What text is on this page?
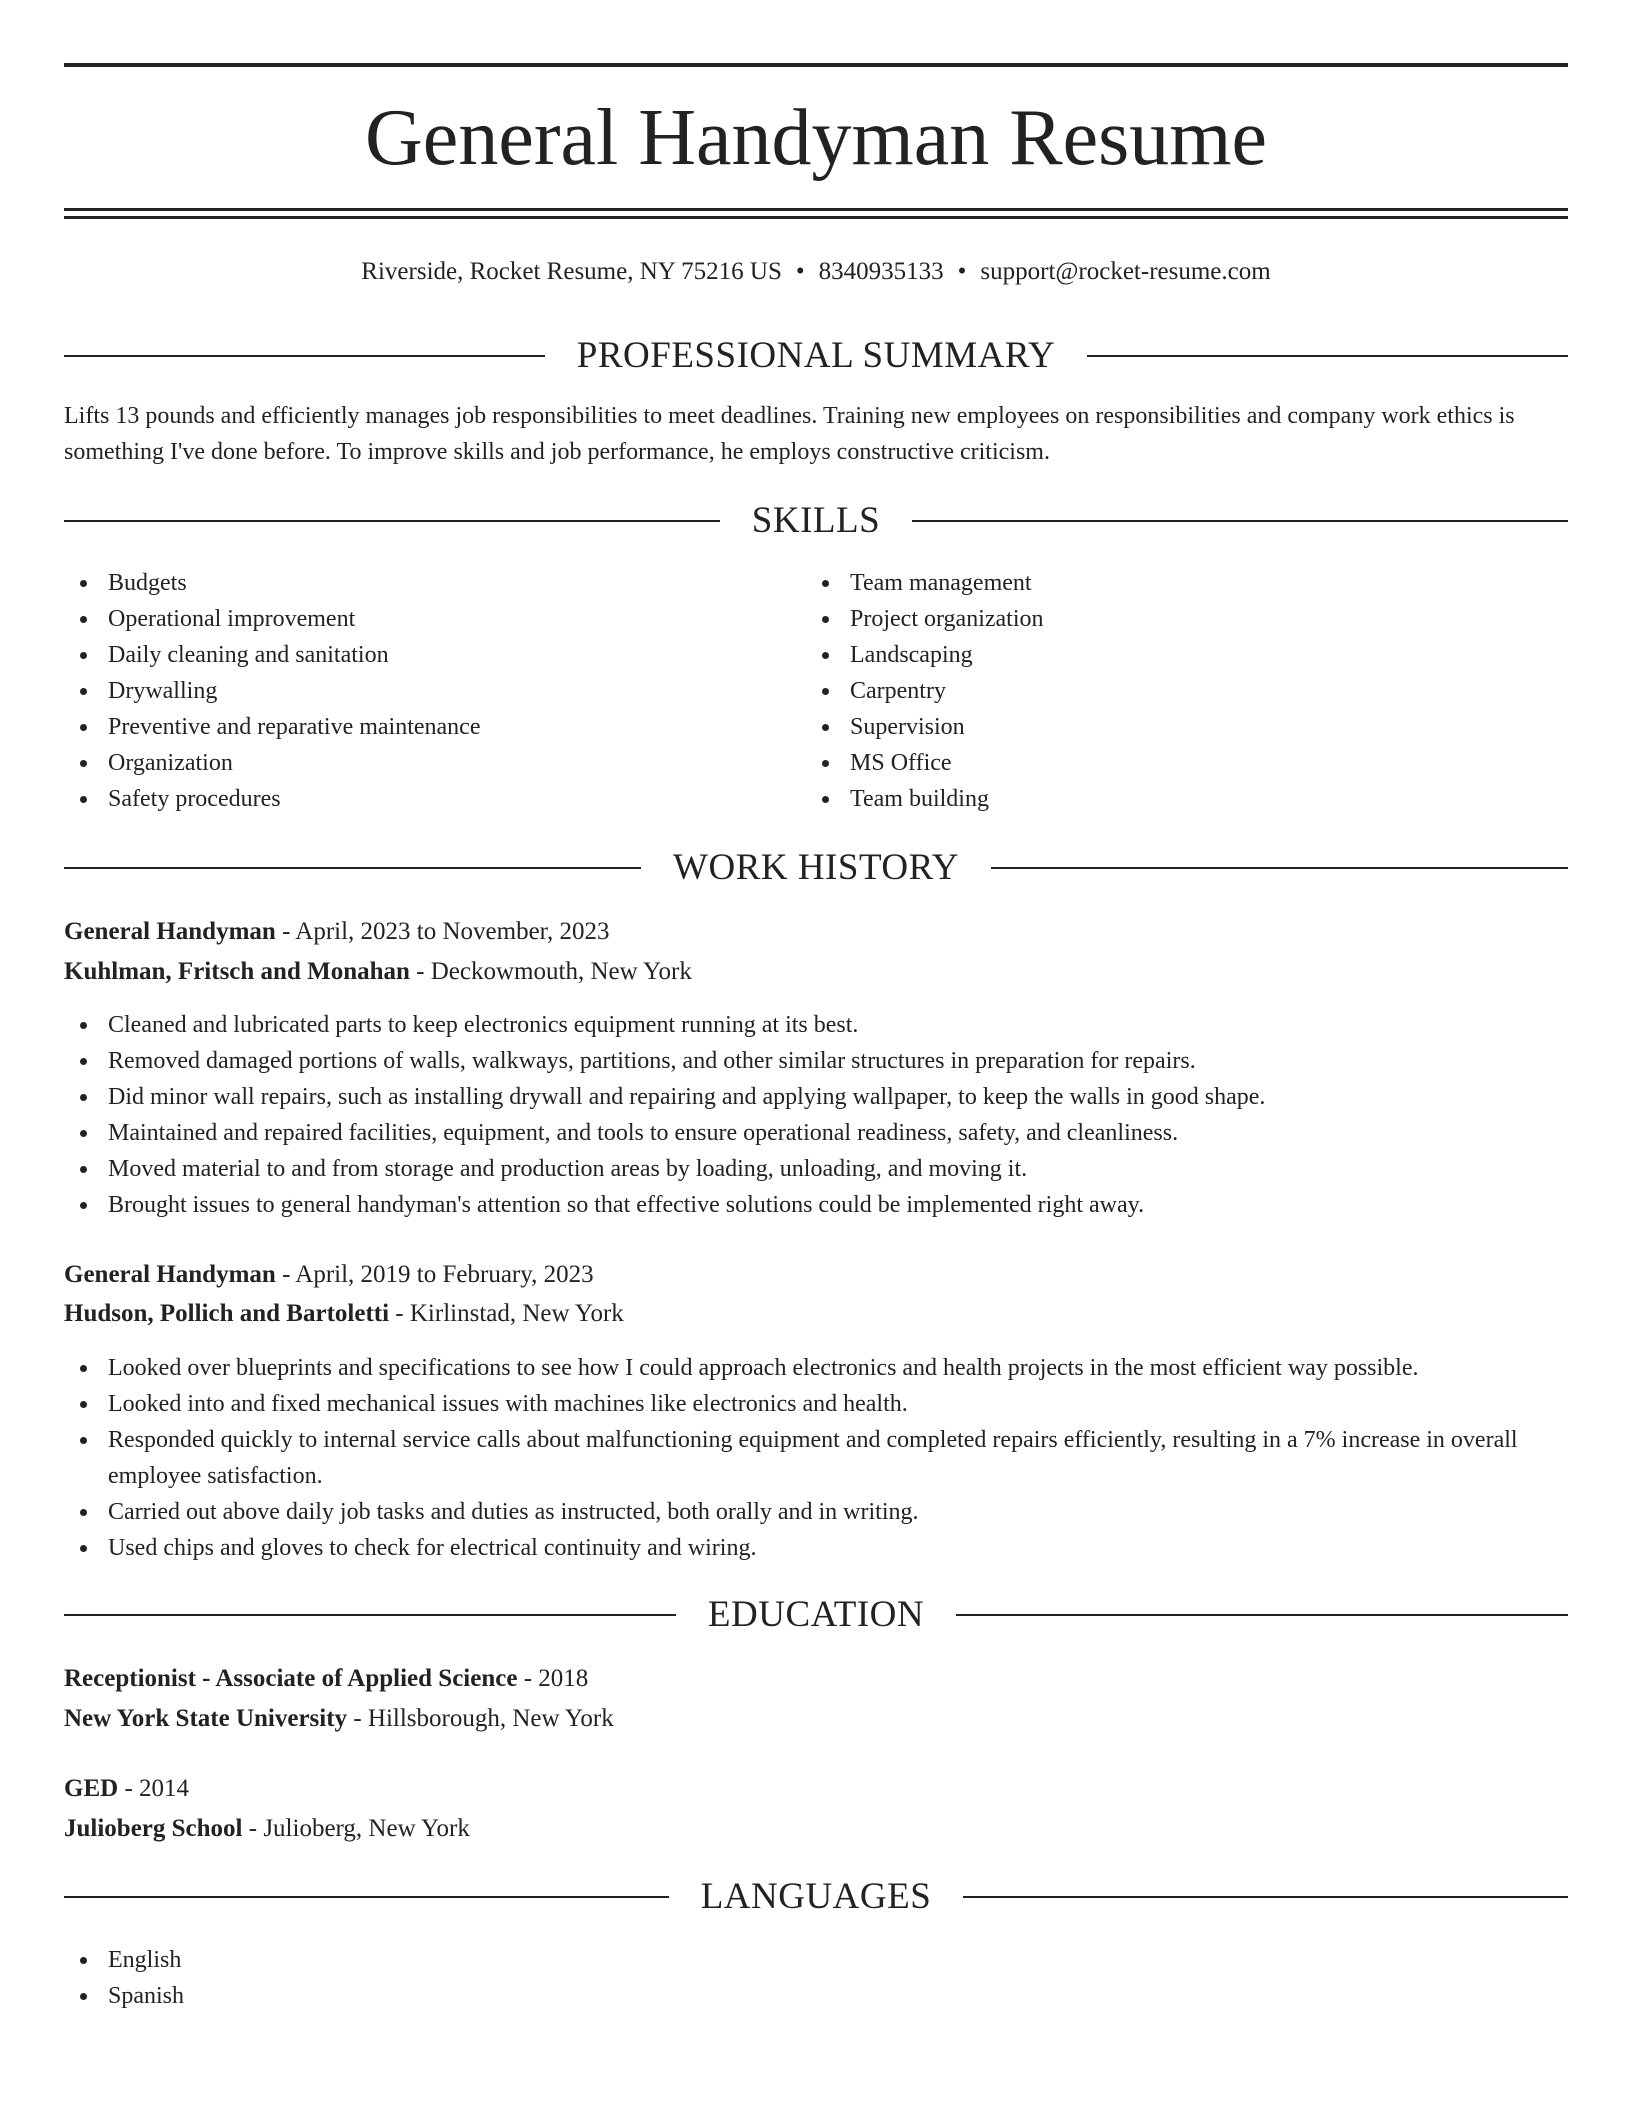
General Handyman Resume
Riverside, Rocket Resume, NY 75216 US • 8340935133 • support@rocket-resume.com
PROFESSIONAL SUMMARY

Lifts 13 pounds and efficiently manages job responsibilities to meet deadlines. Training new employees on responsibilities and company work ethics is something I've done before. To improve skills and job performance, he employs constructive criticism.

SKILLS
Budgets
Operational improvement
Daily cleaning and sanitation
Drywalling
Preventive and reparative maintenance
Organization
Safety procedures
Team management
Project organization
Landscaping
Carpentry
Supervision
MS Office
Team building
WORK HISTORY
General Handyman - April, 2023 to November, 2023
Kuhlman, Fritsch and Monahan - Deckowmouth, New York
Cleaned and lubricated parts to keep electronics equipment running at its best.
Removed damaged portions of walls, walkways, partitions, and other similar structures in preparation for repairs.
Did minor wall repairs, such as installing drywall and repairing and applying wallpaper, to keep the walls in good shape.
Maintained and repaired facilities, equipment, and tools to ensure operational readiness, safety, and cleanliness.
Moved material to and from storage and production areas by loading, unloading, and moving it.
Brought issues to general handyman's attention so that effective solutions could be implemented right away.
General Handyman - April, 2019 to February, 2023
Hudson, Pollich and Bartoletti - Kirlinstad, New York
Looked over blueprints and specifications to see how I could approach electronics and health projects in the most efficient way possible.
Looked into and fixed mechanical issues with machines like electronics and health.
Responded quickly to internal service calls about malfunctioning equipment and completed repairs efficiently, resulting in a 7% increase in overall employee satisfaction.
Carried out above daily job tasks and duties as instructed, both orally and in writing.
Used chips and gloves to check for electrical continuity and wiring.
EDUCATION
Receptionist - Associate of Applied Science - 2018
New York State University - Hillsborough, New York
GED - 2014
Julioberg School - Julioberg, New York
LANGUAGES
English
Spanish
